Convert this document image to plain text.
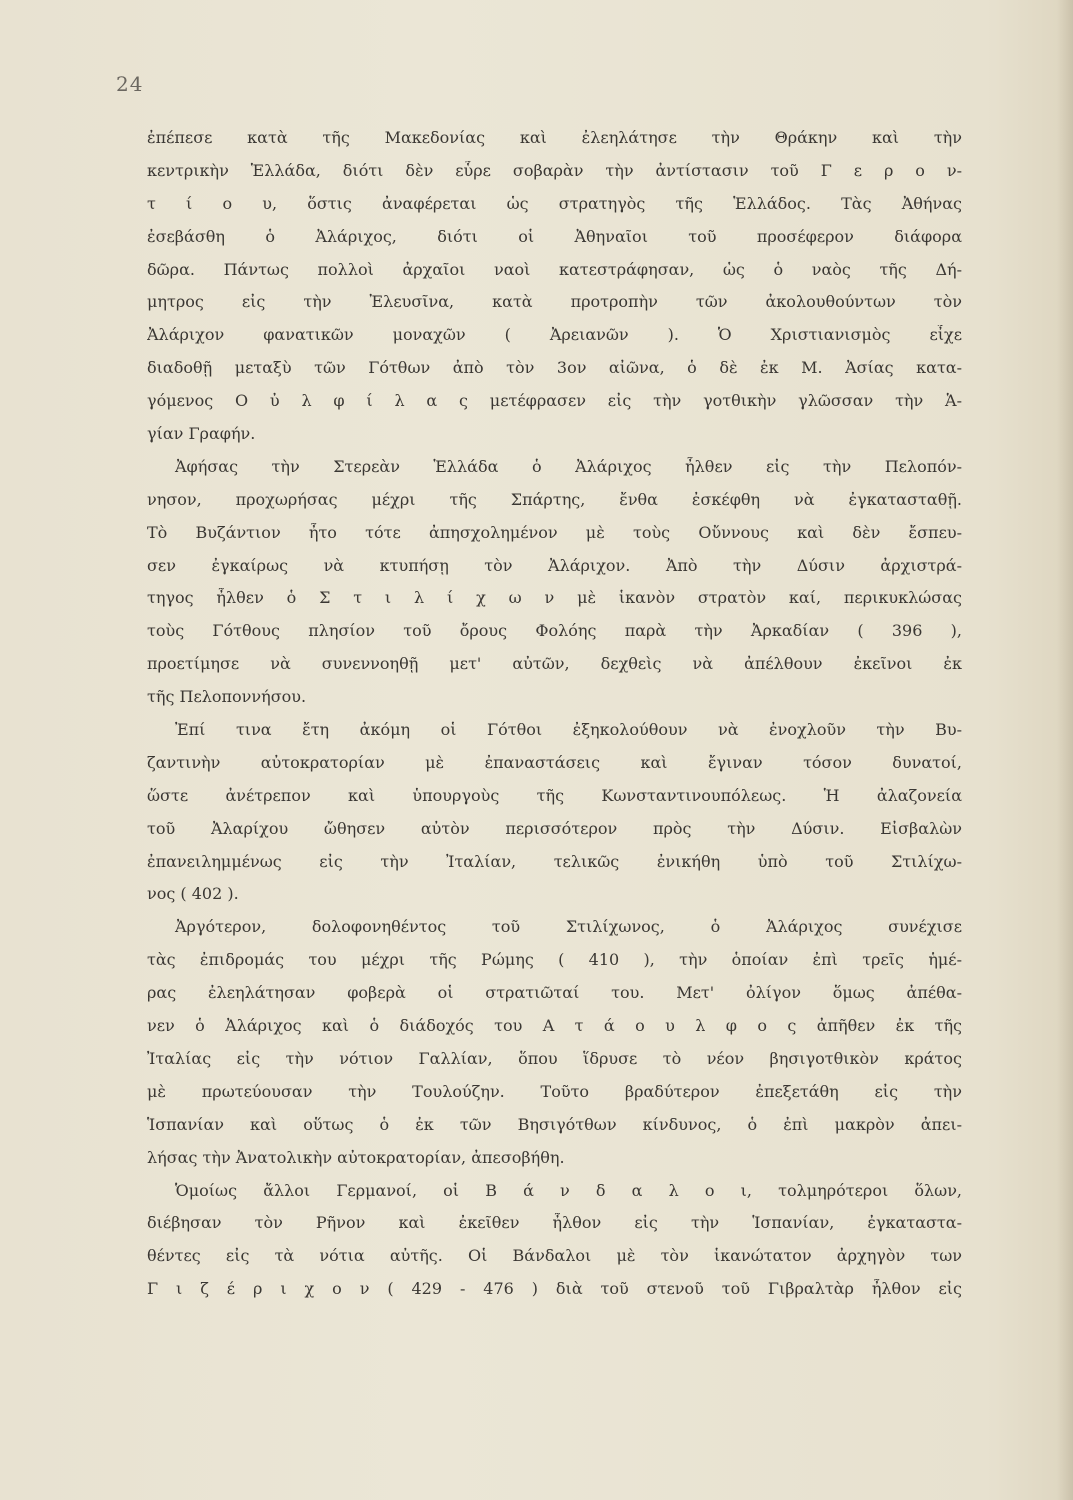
24
ἐπέπεσε κατὰ τῆς Μακεδονίας καὶ ἐλεηλάτησε τὴν Θράκην καὶ τὴν
κεντρικὴν Ἑλλάδα, διότι δὲν εὗρε σοβαρὰν τὴν ἀντίστασιν τοῦ Γ ε ρ ο ν-
τ ί ο υ, ὅστις ἀναφέρεται ὡς στρατηγὸς τῆς Ἑλλάδος. Τὰς Ἀθήνας
ἐσεβάσθη ὁ Ἀλάριχος, διότι οἱ Ἀθηναῖοι τοῦ προσέφερον διάφορα
δῶρα. Πάντως πολλοὶ ἀρχαῖοι ναοὶ κατεστράφησαν, ὡς ὁ ναὸς τῆς Δή-
μητρος εἰς τὴν Ἐλευσῖνα, κατὰ προτροπὴν τῶν ἀκολουθούντων τὸν
Ἀλάριχον φανατικῶν μοναχῶν ( Ἀρειανῶν ). Ὁ Χριστιανισμὸς εἶχε
διαδοθῇ μεταξὺ τῶν Γότθων ἀπὸ τὸν 3ον αἰῶνα, ὁ δὲ ἐκ Μ. Ἀσίας κατα-
γόμενος Ο ὐ λ φ ί λ α ς μετέφρασεν εἰς τὴν γοτθικὴν γλῶσσαν τὴν Ἁ-
γίαν Γραφήν.
Ἀφήσας τὴν Στερεὰν Ἑλλάδα ὁ Ἀλάριχος ἦλθεν εἰς τὴν Πελοπόν-
νησον, προχωρήσας μέχρι τῆς Σπάρτης, ἔνθα ἐσκέφθη νὰ ἐγκατασταθῇ.
Τὸ Βυζάντιον ἦτο τότε ἀπησχολημένον μὲ τοὺς Οὔννους καὶ δὲν ἔσπευ-
σεν ἐγκαίρως νὰ κτυπήσῃ τὸν Ἀλάριχον. Ἀπὸ τὴν Δύσιν ἀρχιστρά-
τηγος ἦλθεν ὁ Σ τ ι λ ί χ ω ν μὲ ἱκανὸν στρατὸν καί, περικυκλώσας
τοὺς Γότθους πλησίον τοῦ ὄρους Φολόης παρὰ τὴν Ἀρκαδίαν ( 396 ),
προετίμησε νὰ συνεννοηθῇ μετ' αὐτῶν, δεχθεὶς νὰ ἀπέλθουν ἐκεῖνοι ἐκ
τῆς Πελοποννήσου.
Ἐπί τινα ἔτη ἀκόμη οἱ Γότθοι ἐξηκολούθουν νὰ ἐνοχλοῦν τὴν Βυ-
ζαντινὴν αὐτοκρατορίαν μὲ ἐπαναστάσεις καὶ ἔγιναν τόσον δυνατοί,
ὥστε ἀνέτρεπον καὶ ὑπουργοὺς τῆς Κωνσταντινουπόλεως. Ἡ ἀλαζονεία
τοῦ Ἀλαρίχου ὤθησεν αὐτὸν περισσότερον πρὸς τὴν Δύσιν. Εἰσβαλὼν
ἐπανειλημμένως εἰς τὴν Ἰταλίαν, τελικῶς ἐνικήθη ὑπὸ τοῦ Στιλίχω-
νος ( 402 ).
Ἀργότερον, δολοφονηθέντος τοῦ Στιλίχωνος, ὁ Ἀλάριχος συνέχισε
τὰς ἐπιδρομάς του μέχρι τῆς Ρώμης ( 410 ), τὴν ὁποίαν ἐπὶ τρεῖς ἡμέ-
ρας ἐλεηλάτησαν φοβερὰ οἱ στρατιῶταί του. Μετ' ὀλίγον ὅμως ἀπέθα-
νεν ὁ Ἀλάριχος καὶ ὁ διάδοχός του Α τ ά ο υ λ φ ο ς ἀπῆθεν ἐκ τῆς
Ἰταλίας εἰς τὴν νότιον Γαλλίαν, ὅπου ἵδρυσε τὸ νέον βησιγοτθικὸν κράτος
μὲ πρωτεύουσαν τὴν Τουλούζην. Τοῦτο βραδύτερον ἐπεξετάθη εἰς τὴν
Ἱσπανίαν καὶ οὕτως ὁ ἐκ τῶν Βησιγότθων κίνδυνος, ὁ ἐπὶ μακρὸν ἀπει-
λήσας τὴν Ἀνατολικὴν αὐτοκρατορίαν, ἀπεσοβήθη.
Ὁμοίως ἄλλοι Γερμανοί, οἱ Β ά ν δ α λ ο ι, τολμηρότεροι ὅλων,
διέβησαν τὸν Ρῆνον καὶ ἐκεῖθεν ἦλθον εἰς τὴν Ἱσπανίαν, ἐγκαταστα-
θέντες εἰς τὰ νότια αὐτῆς. Οἱ Βάνδαλοι μὲ τὸν ἱκανώτατον ἀρχηγὸν των
Γ ι ζ έ ρ ι χ ο ν ( 429 - 476 ) διὰ τοῦ στενοῦ τοῦ Γιβραλτὰρ ἦλθον εἰς
